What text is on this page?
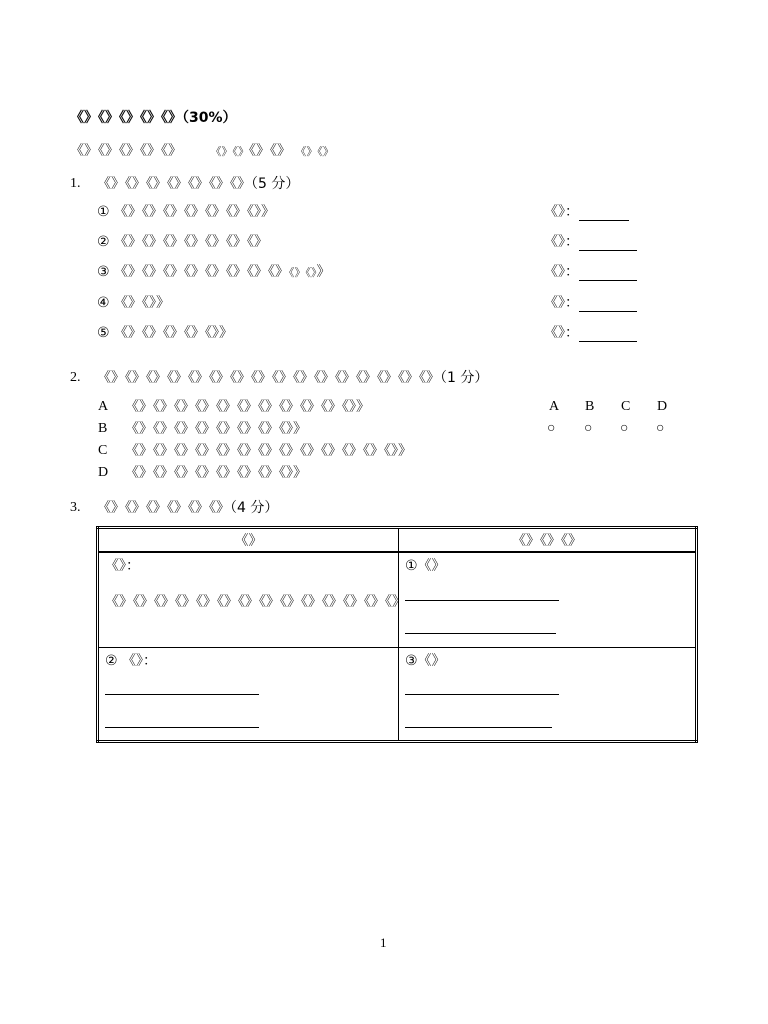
《》《》《》《》《》（30%）
《》《》《》《》《》	《》《》《》《》 《》《》
1. 《》《》《》《》《》《》《》（5 分）
① 《》《》《》《》《》《》《》》	《》：
② 《》《》《》《》《》《》《》	《》：
③ 《》《》《》《》《》《》《》《》《》《》》	《》：
④ 《》《》》	《》：
⑤ 《》《》《》《》《》》	《》：
2. 《》《》《》《》《》《》《》《》《》《》《》《》《》《》《》《》（1 分）
A 《》《》《》《》《》《》《》《》《》《》《》》
B 《》《》《》《》《》《》《》《》》
C 《》《》《》《》《》《》《》《》《》《》《》《》《》》
D 《》《》《》《》《》《》《》《》》
A B C D
○ ○ ○ ○
3. 《》《》《》《》《》《》（4 分）
《》	《》《》《》

《》：
《》《》《》《》《》《》《》《》《》《》《》《》《》《》	①《》

② 《》：	③《》
1
